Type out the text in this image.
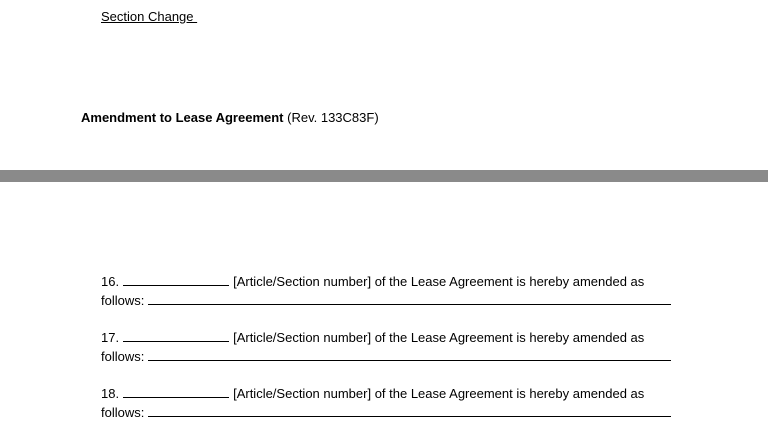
Section Change
Amendment to Lease Agreement (Rev. 133C83F)
16.	[Article/Section number] of the Lease Agreement is hereby amended as
follows:
17.	[Article/Section number] of the Lease Agreement is hereby amended as
follows:
18.	[Article/Section number] of the Lease Agreement is hereby amended as
follows:
